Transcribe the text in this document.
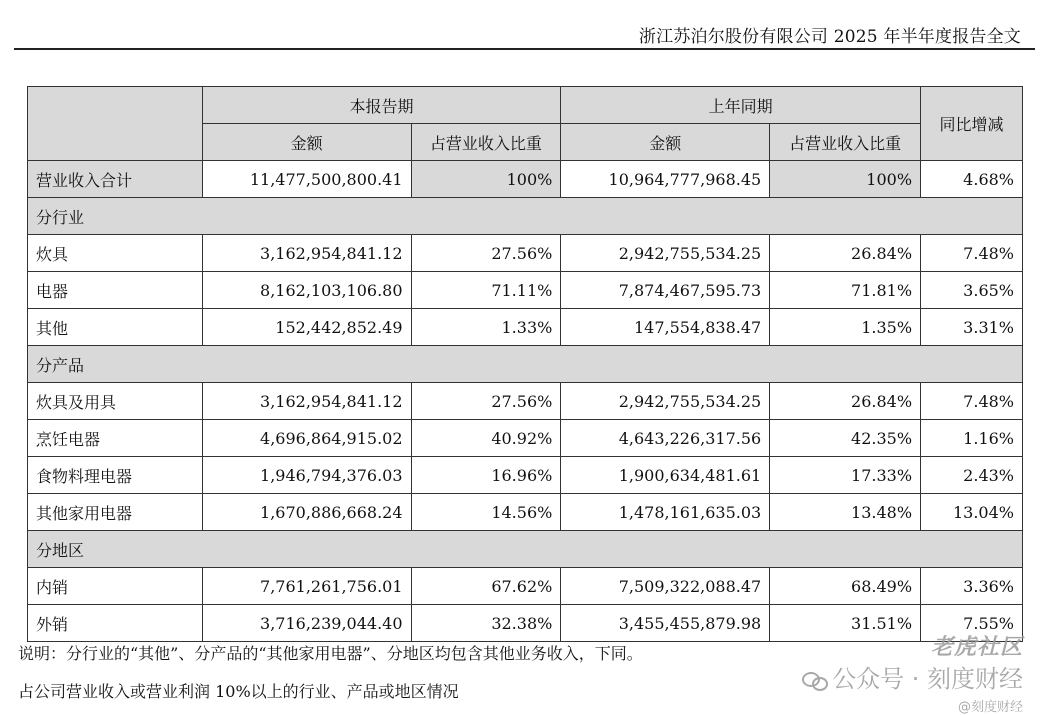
浙江苏泊尔股份有限公司 2025 年半年度报告全文
	本报告期		上年同期		同比增减
	金额	占营业收入比重	金额	占营业收入比重	
营业收入合计	11,477,500,800.41	100%	10,964,777,968.45	100%	4.68%
分行业					
炊具	3,162,954,841.12	27.56%	2,942,755,534.25	26.84%	7.48%
电器	8,162,103,106.80	71.11%	7,874,467,595.73	71.81%	3.65%
其他	152,442,852.49	1.33%	147,554,838.47	1.35%	3.31%
分产品					
炊具及用具	3,162,954,841.12	27.56%	2,942,755,534.25	26.84%	7.48%
烹饪电器	4,696,864,915.02	40.92%	4,643,226,317.56	42.35%	1.16%
食物料理电器	1,946,794,376.03	16.96%	1,900,634,481.61	17.33%	2.43%
其他家用电器	1,670,886,668.24	14.56%	1,478,161,635.03	13.48%	13.04%
分地区					
内销	7,761,261,756.01	67.62%	7,509,322,088.47	68.49%	3.36%
外销	3,716,239,044.40	32.38%	3,455,455,879.98	31.51%	7.55%
说明：分行业的“其他”、分产品的“其他家用电器”、分地区均包含其他业务收入，下同。
占公司营业收入或营业利润 10%以上的行业、产品或地区情况
老虎社区
公众号 · 刻度财经
@刻度财经
